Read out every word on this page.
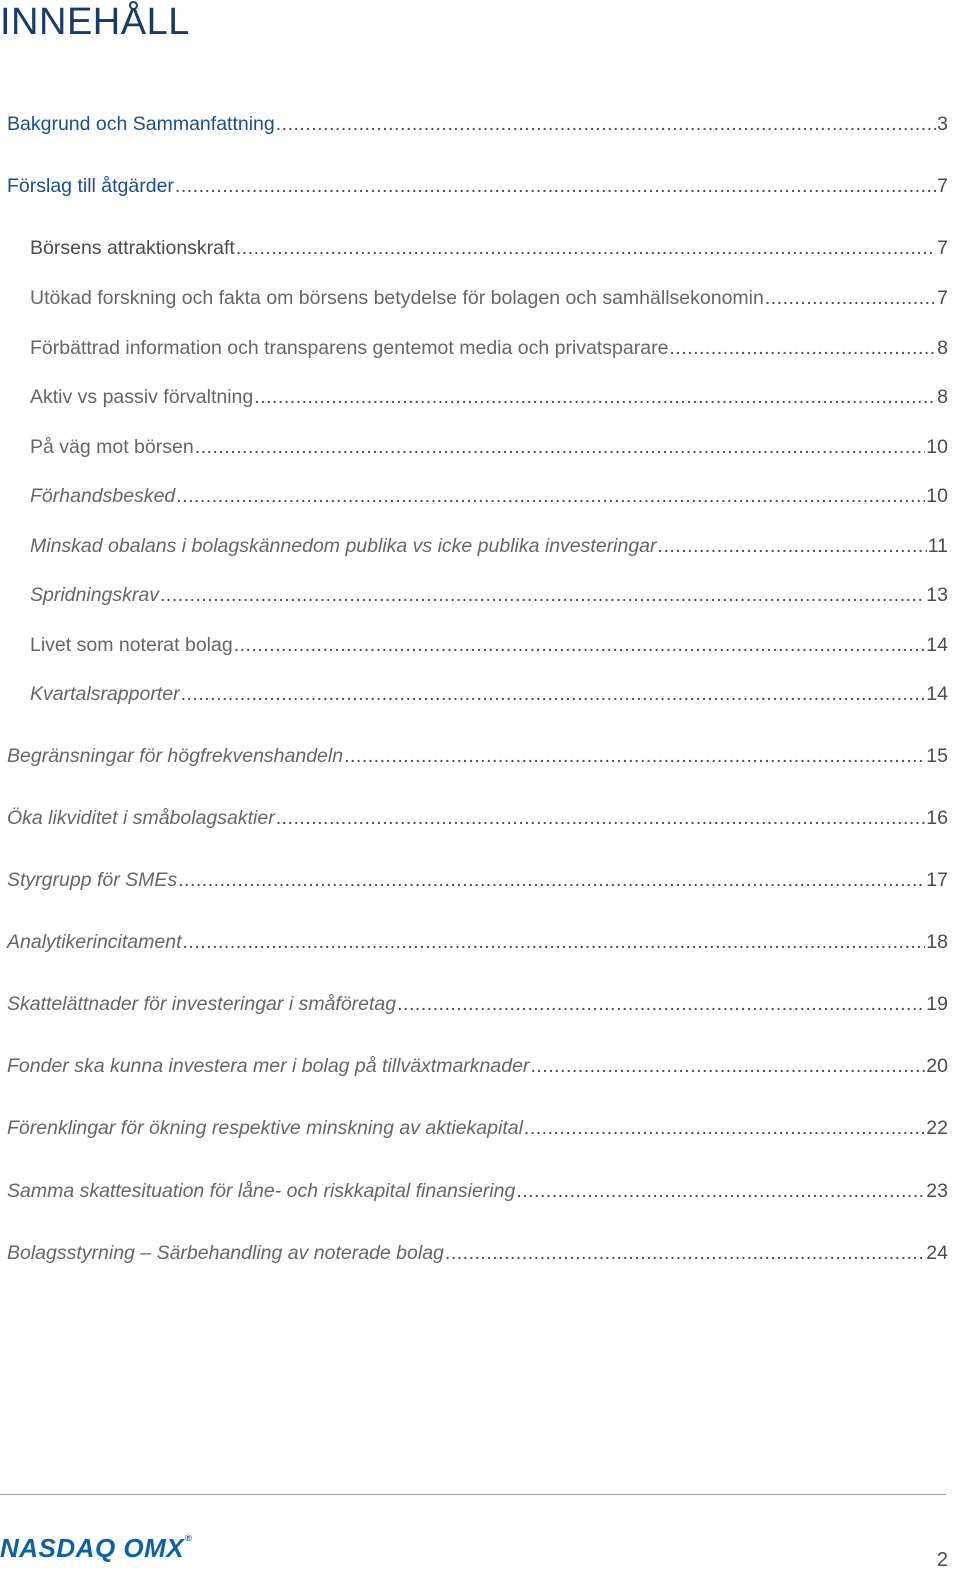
INNEHÅLL
Bakgrund och Sammanfattning .....	3
Förslag till åtgärder .....	7
Börsens attraktionskraft .....	7
Utökad forskning och fakta om börsens betydelse för bolagen och samhällsekonomin .....	7
Förbättrad information och transparens gentemot media och privatsparare .....	8
Aktiv vs passiv förvaltning .....	8
På väg mot börsen .....	10
Förhandsbesked .....	10
Minskad obalans i bolagskännedom publika vs icke publika investeringar .....	11
Spridningskrav .....	13
Livet som noterat bolag .....	14
Kvartalsrapporter .....	14
Begränsningar för högfrekvenshandeln .....	15
Öka likviditet i småbolagsaktier .....	16
Styrgrupp för SMEs .....	17
Analytikerincitament .....	18
Skattelättnader för investeringar i småföretag .....	19
Fonder ska kunna investera mer i bolag på tillväxtmarknader .....	20
Förenklingar för ökning respektive minskning av aktiekapital .....	22
Samma skattesituation för låne- och riskkapital finansiering .....	23
Bolagsstyrning – Särbehandling av noterade bolag .....	24
NASDAQ OMX ®
2
